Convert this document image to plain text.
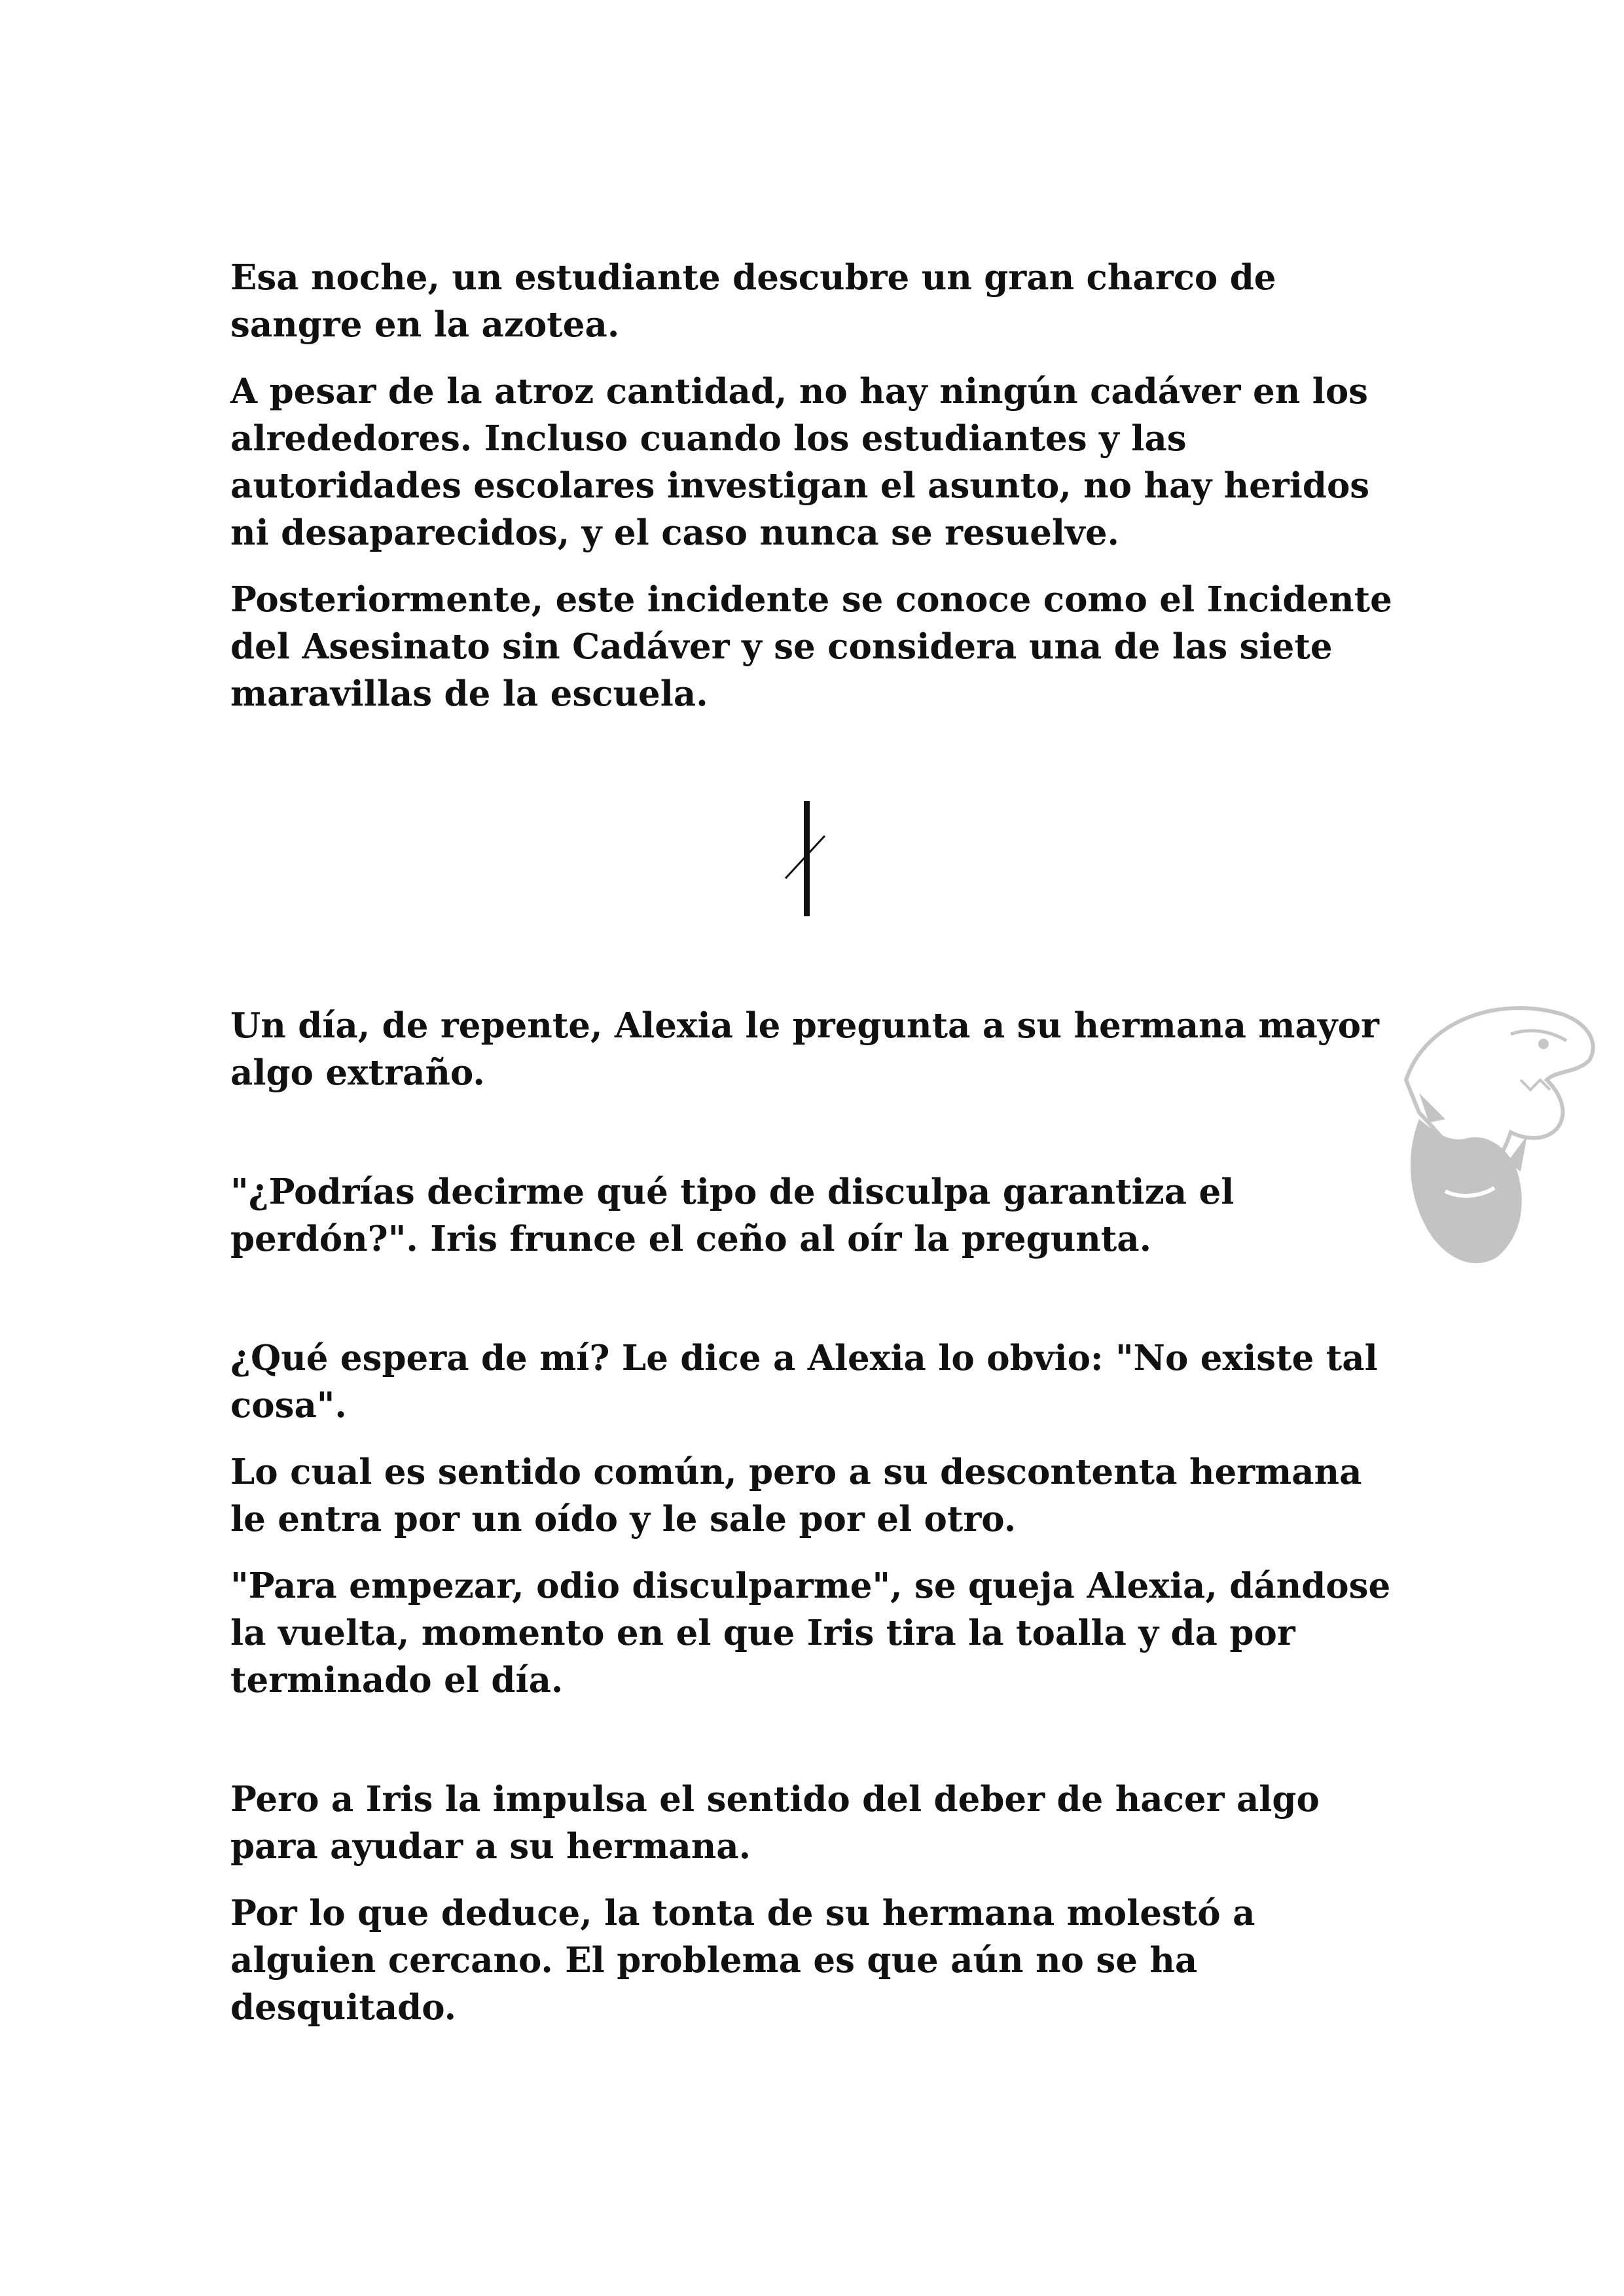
Esa noche, un estudiante descubre un gran charco de sangre en la azotea.

A pesar de la atroz cantidad, no hay ningún cadáver en los alrededores. Incluso cuando los estudiantes y las autoridades escolares investigan el asunto, no hay heridos ni desaparecidos, y el caso nunca se resuelve.

Posteriormente, este incidente se conoce como el Incidente del Asesinato sin Cadáver y se considera una de las siete maravillas de la escuela.

Un día, de repente, Alexia le pregunta a su hermana mayor algo extraño.

"¿Podrías decirme qué tipo de disculpa garantiza el perdón?". Iris frunce el ceño al oír la pregunta.

¿Qué espera de mí? Le dice a Alexia lo obvio: "No existe tal cosa".

Lo cual es sentido común, pero a su descontenta hermana le entra por un oído y le sale por el otro.

"Para empezar, odio disculparme", se queja Alexia, dándose la vuelta, momento en el que Iris tira la toalla y da por terminado el día.

Pero a Iris la impulsa el sentido del deber de hacer algo para ayudar a su hermana.

Por lo que deduce, la tonta de su hermana molestó a alguien cercano. El problema es que aún no se ha desquitado.
